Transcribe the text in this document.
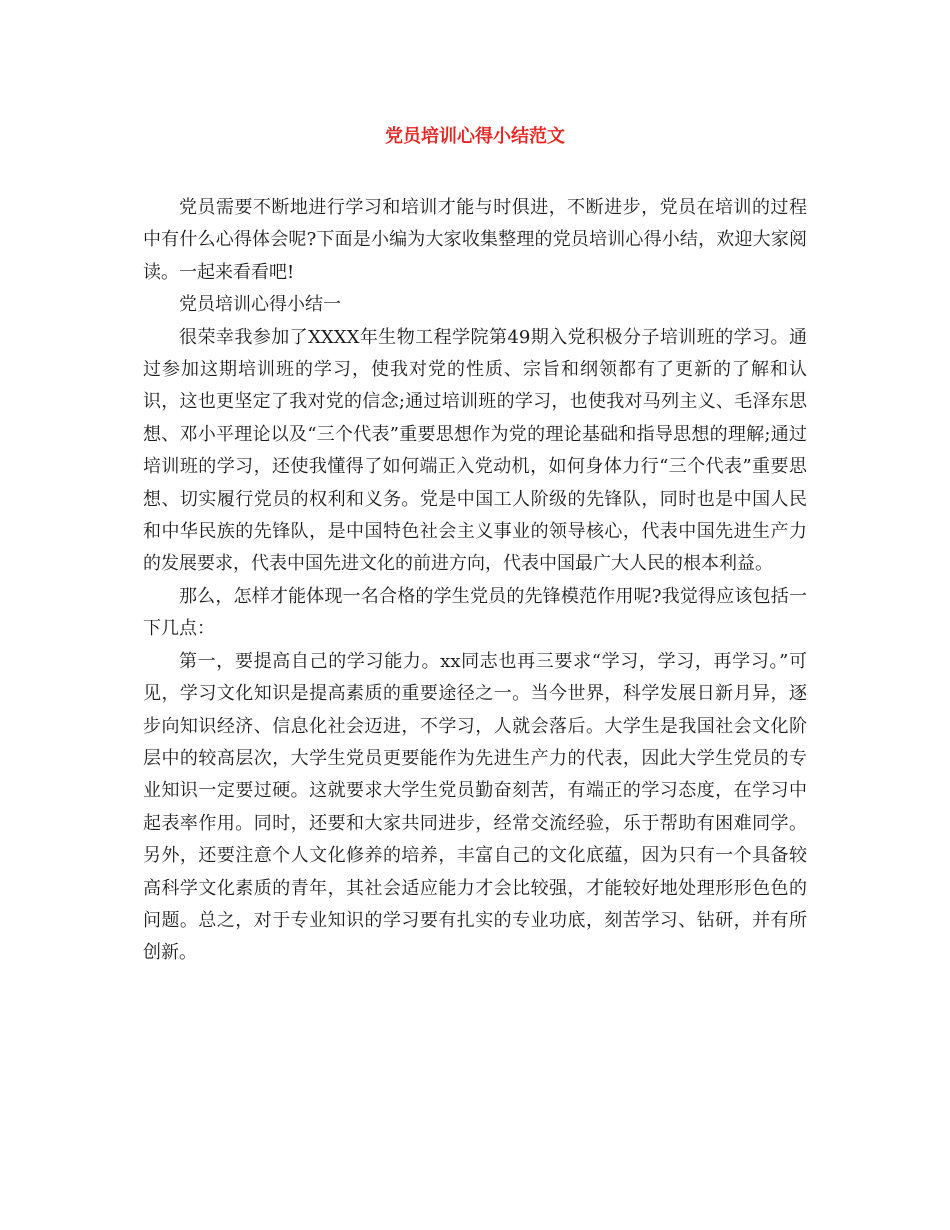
党员培训心得小结范文

党员需要不断地进行学习和培训才能与时俱进，不断进步，党员在培训的过程中有什么心得体会呢?下面是小编为大家收集整理的党员培训心得小结，欢迎大家阅读。一起来看看吧!

党员培训心得小结一

很荣幸我参加了XXXX年生物工程学院第49期入党积极分子培训班的学习。通过参加这期培训班的学习，使我对党的性质、宗旨和纲领都有了更新的了解和认识，这也更坚定了我对党的信念;通过培训班的学习，也使我对马列主义、毛泽东思想、邓小平理论以及“三个代表”重要思想作为党的理论基础和指导思想的理解;通过培训班的学习，还使我懂得了如何端正入党动机，如何身体力行“三个代表”重要思想、切实履行党员的权利和义务。党是中国工人阶级的先锋队，同时也是中国人民和中华民族的先锋队，是中国特色社会主义事业的领导核心，代表中国先进生产力的发展要求，代表中国先进文化的前进方向，代表中国最广大人民的根本利益。

那么，怎样才能体现一名合格的学生党员的先锋模范作用呢?我觉得应该包括一下几点：

第一，要提高自己的学习能力。xx同志也再三要求“学习，学习，再学习。”可见，学习文化知识是提高素质的重要途径之一。当今世界，科学发展日新月异，逐步向知识经济、信息化社会迈进，不学习，人就会落后。大学生是我国社会文化阶层中的较高层次，大学生党员更要能作为先进生产力的代表，因此大学生党员的专业知识一定要过硬。这就要求大学生党员勤奋刻苦，有端正的学习态度，在学习中起表率作用。同时，还要和大家共同进步，经常交流经验，乐于帮助有困难同学。另外，还要注意个人文化修养的培养，丰富自己的文化底蕴，因为只有一个具备较高科学文化素质的青年，其社会适应能力才会比较强，才能较好地处理形形色色的问题。总之，对于专业知识的学习要有扎实的专业功底，刻苦学习、钻研，并有所创新。
